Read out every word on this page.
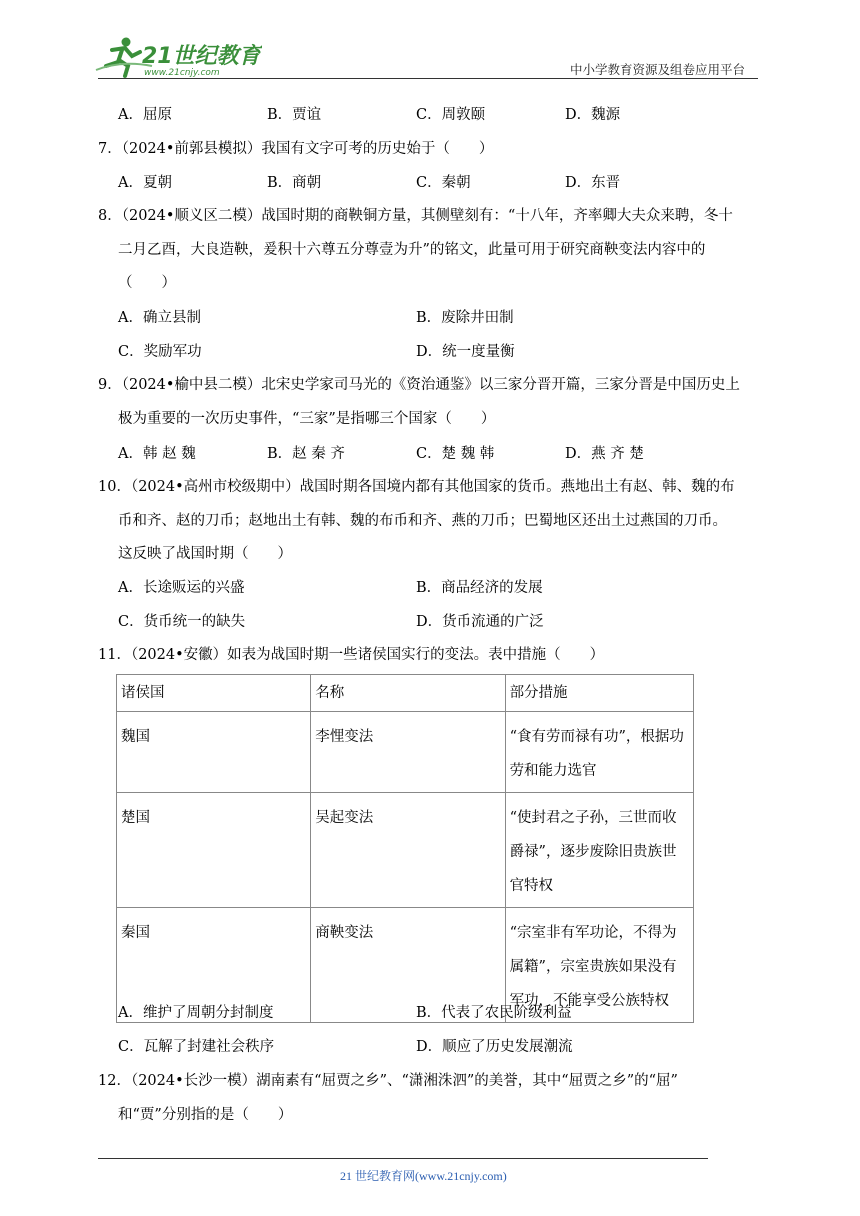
21世纪教育
www.21cnjy.com	中小学教育资源及组卷应用平台
A．屈原	B．贾谊	C．周敦颐	D．魏源
7．（2024•前郭县模拟）我国有文字可考的历史始于（　　）
A．夏朝	B．商朝	C．秦朝	D．东晋
8．（2024•顺义区二模）战国时期的商鞅铜方量，其侧壁刻有：“十八年，齐率卿大夫众来聘，冬十
二月乙酉，大良造鞅，爰积十六尊五分尊壹为升”的铭文，此量可用于研究商鞅变法内容中的
（　　）
A．确立县制	B．废除井田制
C．奖励军功	D．统一度量衡
9．（2024•榆中县二模）北宋史学家司马光的《资治通鉴》以三家分晋开篇，三家分晋是中国历史上
极为重要的一次历史事件，“三家”是指哪三个国家（　　）
A．韩 赵 魏	B．赵 秦 齐	C．楚 魏 韩	D．燕 齐 楚
10．（2024•高州市校级期中）战国时期各国境内都有其他国家的货币。燕地出土有赵、韩、魏的布
币和齐、赵的刀币；赵地出土有韩、魏的布币和齐、燕的刀币；巴蜀地区还出土过燕国的刀币。
这反映了战国时期（　　）
A．长途贩运的兴盛	B．商品经济的发展
C．货币统一的缺失	D．货币流通的广泛
11．（2024•安徽）如表为战国时期一些诸侯国实行的变法。表中措施（　　）
诸侯国	名称	部分措施
魏国	李悝变法	“食有劳而禄有功”，根据功劳和能力选官
楚国	吴起变法	“使封君之子孙，三世而收爵禄”，逐步废除旧贵族世官特权
秦国	商鞅变法	“宗室非有军功论，不得为属籍”，宗室贵族如果没有军功，不能享受公族特权
A．维护了周朝分封制度	B．代表了农民阶级利益
C．瓦解了封建社会秩序	D．顺应了历史发展潮流
12．（2024•长沙一模）湖南素有“屈贾之乡”、“潇湘洙泗”的美誉，其中“屈贾之乡”的“屈”
和“贾”分别指的是（　　）
21 世纪教育网(www.21cnjy.com)
